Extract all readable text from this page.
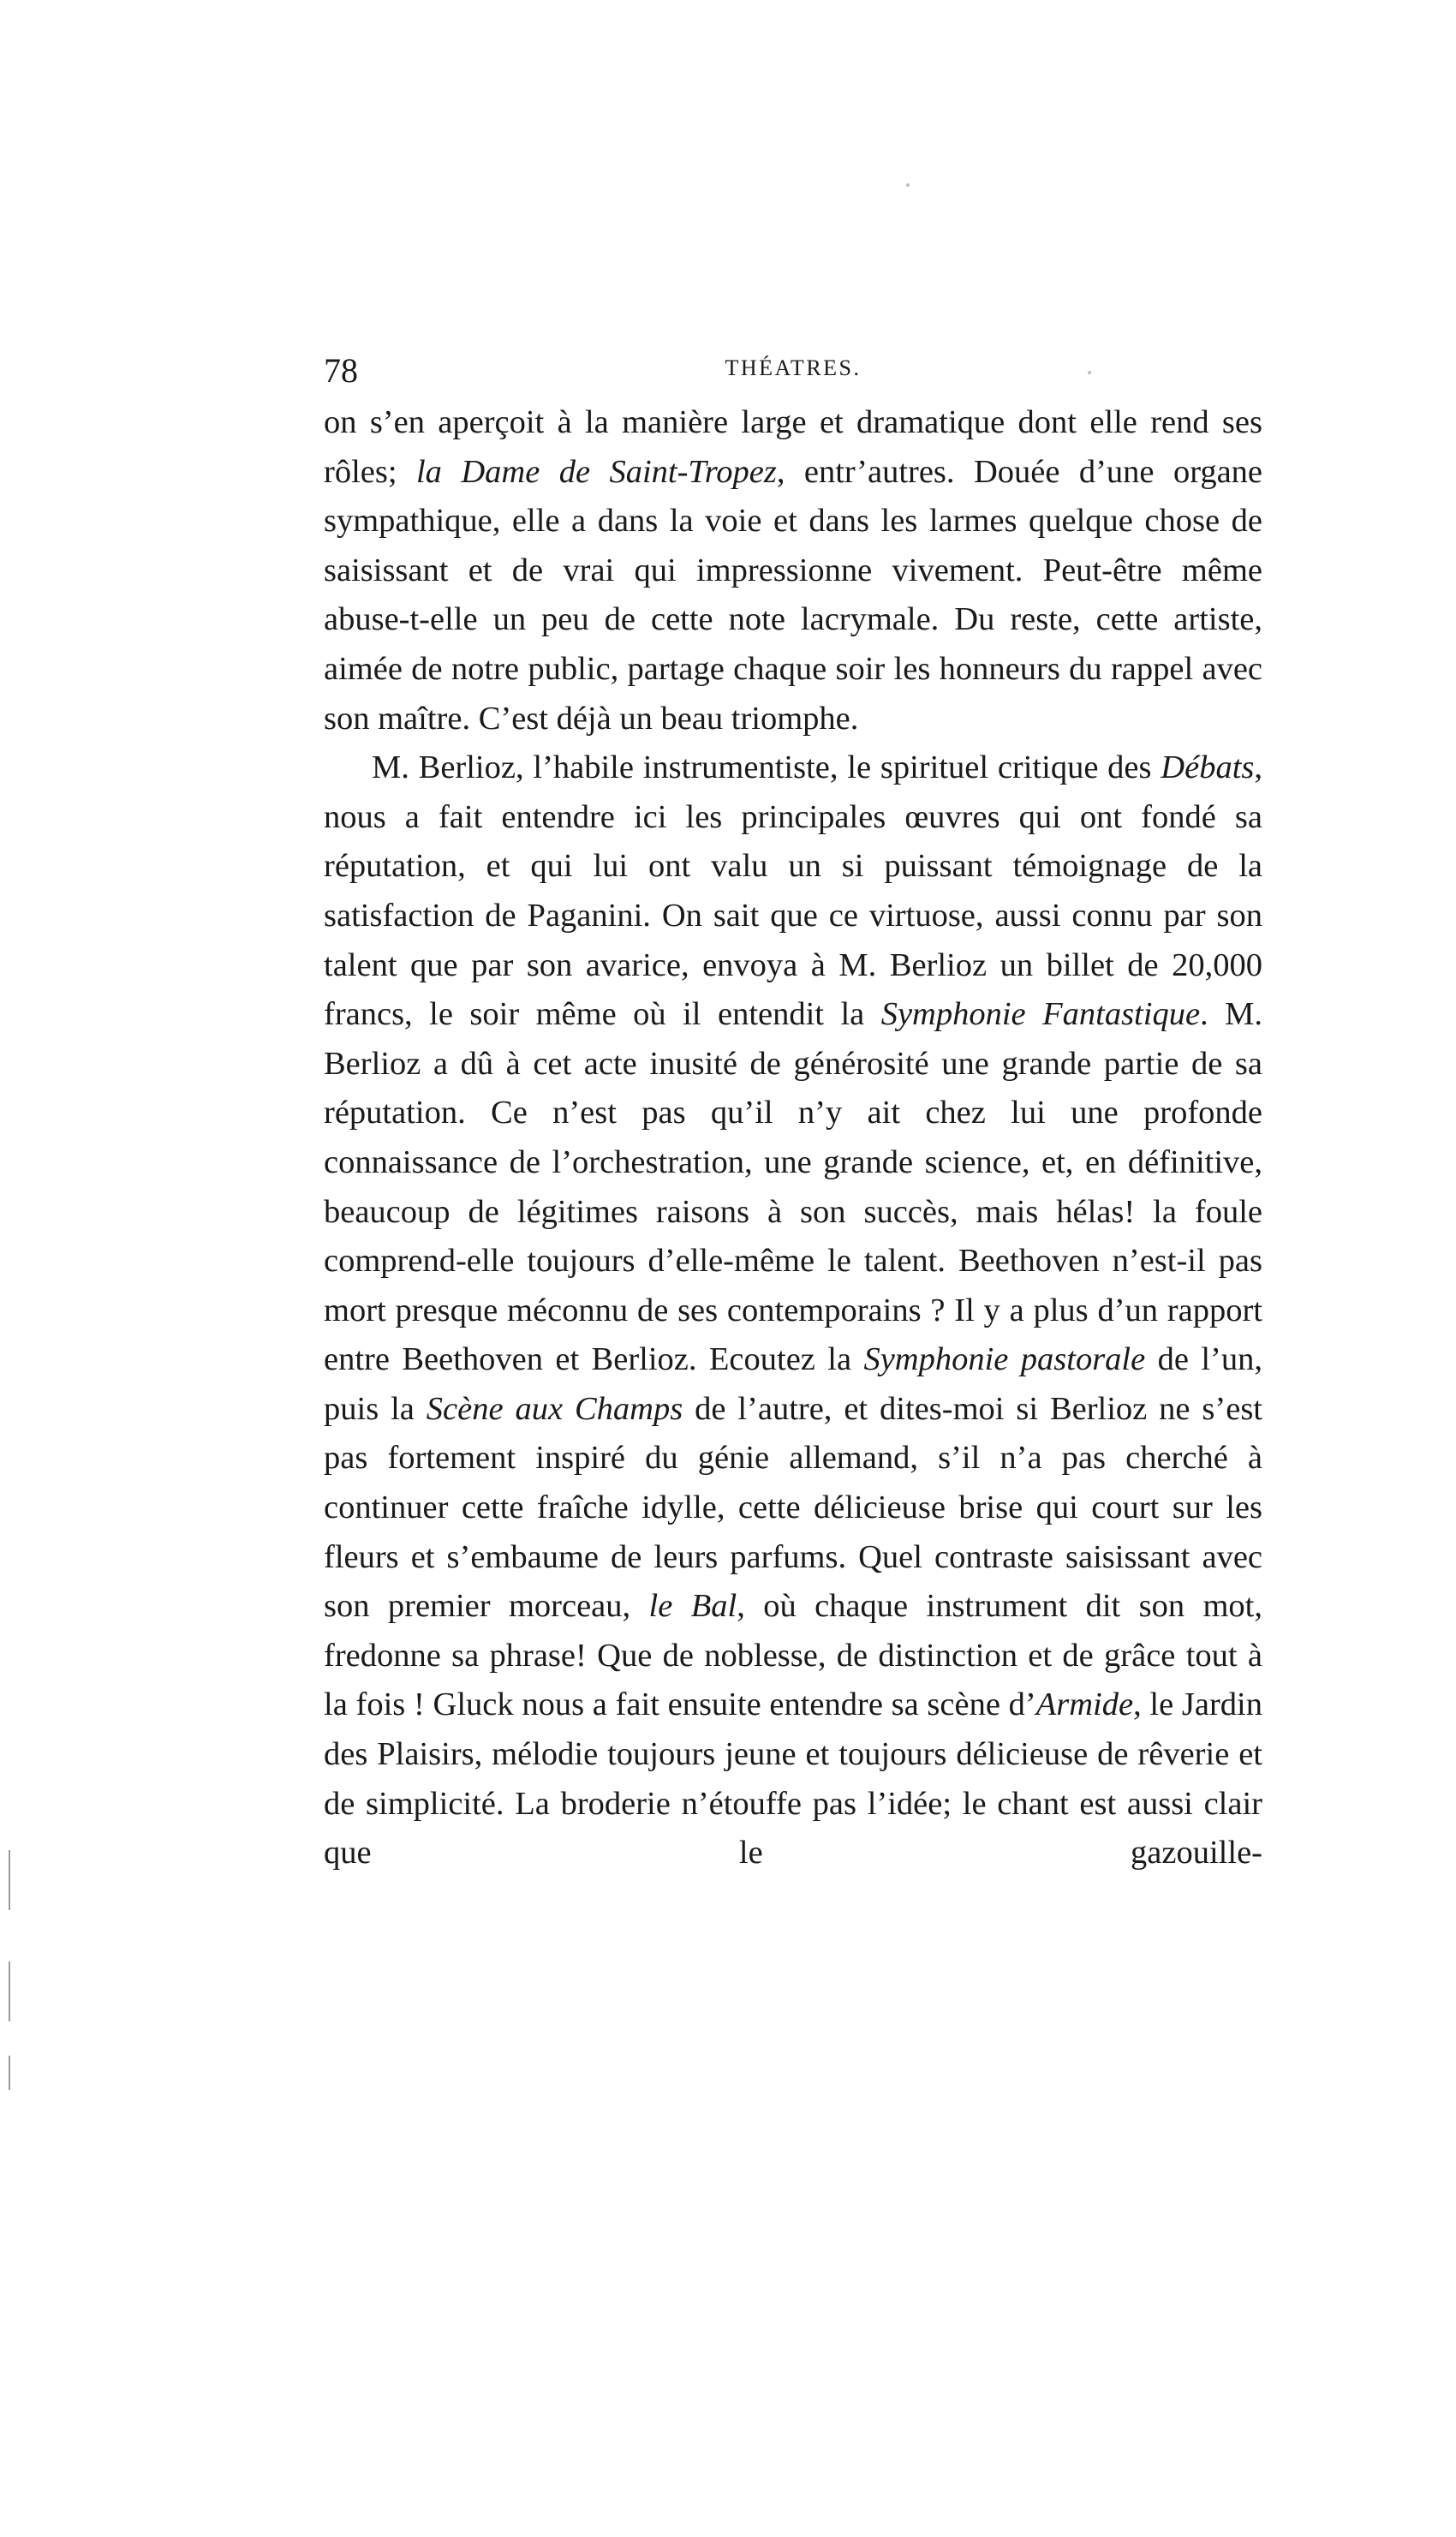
78	THÉATRES.

on s’en aperçoit à la manière large et dramatique dont elle rend ses rôles; la Dame de Saint-Tropez, entr’autres. Douée d’une organe sympathique, elle a dans la voie et dans les larmes quelque chose de saisissant et de vrai qui impressionne vivement. Peut-être même abuse-t-elle un peu de cette note lacrymale. Du reste, cette artiste, aimée de notre public, partage chaque soir les honneurs du rappel avec son maître. C’est déjà un beau triomphe.

M. Berlioz, l’habile instrumentiste, le spirituel critique des Débats, nous a fait entendre ici les principales œuvres qui ont fondé sa réputation, et qui lui ont valu un si puissant témoignage de la satisfaction de Paganini. On sait que ce virtuose, aussi connu par son talent que par son avarice, envoya à M. Berlioz un billet de 20,000 francs, le soir même où il entendit la Symphonie Fantastique. M. Berlioz a dû à cet acte inusité de générosité une grande partie de sa réputation. Ce n’est pas qu’il n’y ait chez lui une profonde connaissance de l’orchestration, une grande science, et, en définitive, beaucoup de légitimes raisons à son succès, mais hélas! la foule comprend-elle toujours d’elle-même le talent. Beethoven n’est-il pas mort presque méconnu de ses contemporains ? Il y a plus d’un rapport entre Beethoven et Berlioz. Ecoutez la Symphonie pastorale de l’un, puis la Scène aux Champs de l’autre, et dites-moi si Berlioz ne s’est pas fortement inspiré du génie allemand, s’il n’a pas cherché à continuer cette fraîche idylle, cette délicieuse brise qui court sur les fleurs et s’embaume de leurs parfums. Quel contraste saisissant avec son premier morceau, le Bal, où chaque instrument dit son mot, fredonne sa phrase! Que de noblesse, de distinction et de grâce tout à la fois ! Gluck nous a fait ensuite entendre sa scène d’Armide, le Jardin des Plaisirs, mélodie toujours jeune et toujours délicieuse de rêverie et de simplicité. La broderie n’étouffe pas l’idée; le chant est aussi clair que le gazouille-
